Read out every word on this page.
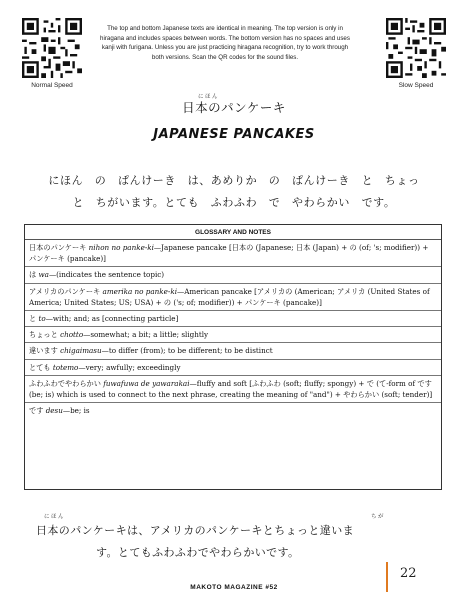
Normal Speed	Slow Speed
The top and bottom Japanese texts are identical in meaning. The top version is only in hiragana and includes spaces between words. The bottom version has no spaces and uses kanji with furigana. Unless you are just practicing hiragana recognition, try to work through both versions. Scan the QR codes for the sound files.
にほん
日本のパンケーキ
JAPANESE PANCAKES
にほん　の　ぱんけーき　は、あめりか　の　ぱんけーき　と　ちょっ
と　ちがいます。とても　ふわふわ　で　やわらかい　です。
GLOSSARY AND NOTES
日本のパンケーキ nihon no panke-ki—Japanese pancake [日本の (Japanese; 日本 (Japan) + の (of; 's; modifier)) + パンケーキ (pancake)]
は wa—(indicates the sentence topic)
アメリカのパンケーキ amerika no panke-ki—American pancake [アメリカの (American; アメリカ (United States of America; United States; US; USA) + の ('s; of; modifier)) + パンケーキ (pancake)]
と to—with; and; as [connecting particle]
ちょっと chotto—somewhat; a bit; a little; slightly
違います chigaimasu—to differ (from); to be different; to be distinct
とても totemo—very; awfully; exceedingly
ふわふわでやわらかい fuwafuwa de yawarakai—fluffy and soft [ふわふわ (soft; fluffy; spongy) + で (て-form of です (be; is) which is used to connect to the next phrase, creating the meaning of "and") + やわらかい (soft; tender)]
です desu—be; is
にほん	ちが
日本のパンケーキは、アメリカのパンケーキとちょっと違いま
す。とてもふわふわでやわらかいです。
MAKOTO MAGAZINE #52
22
